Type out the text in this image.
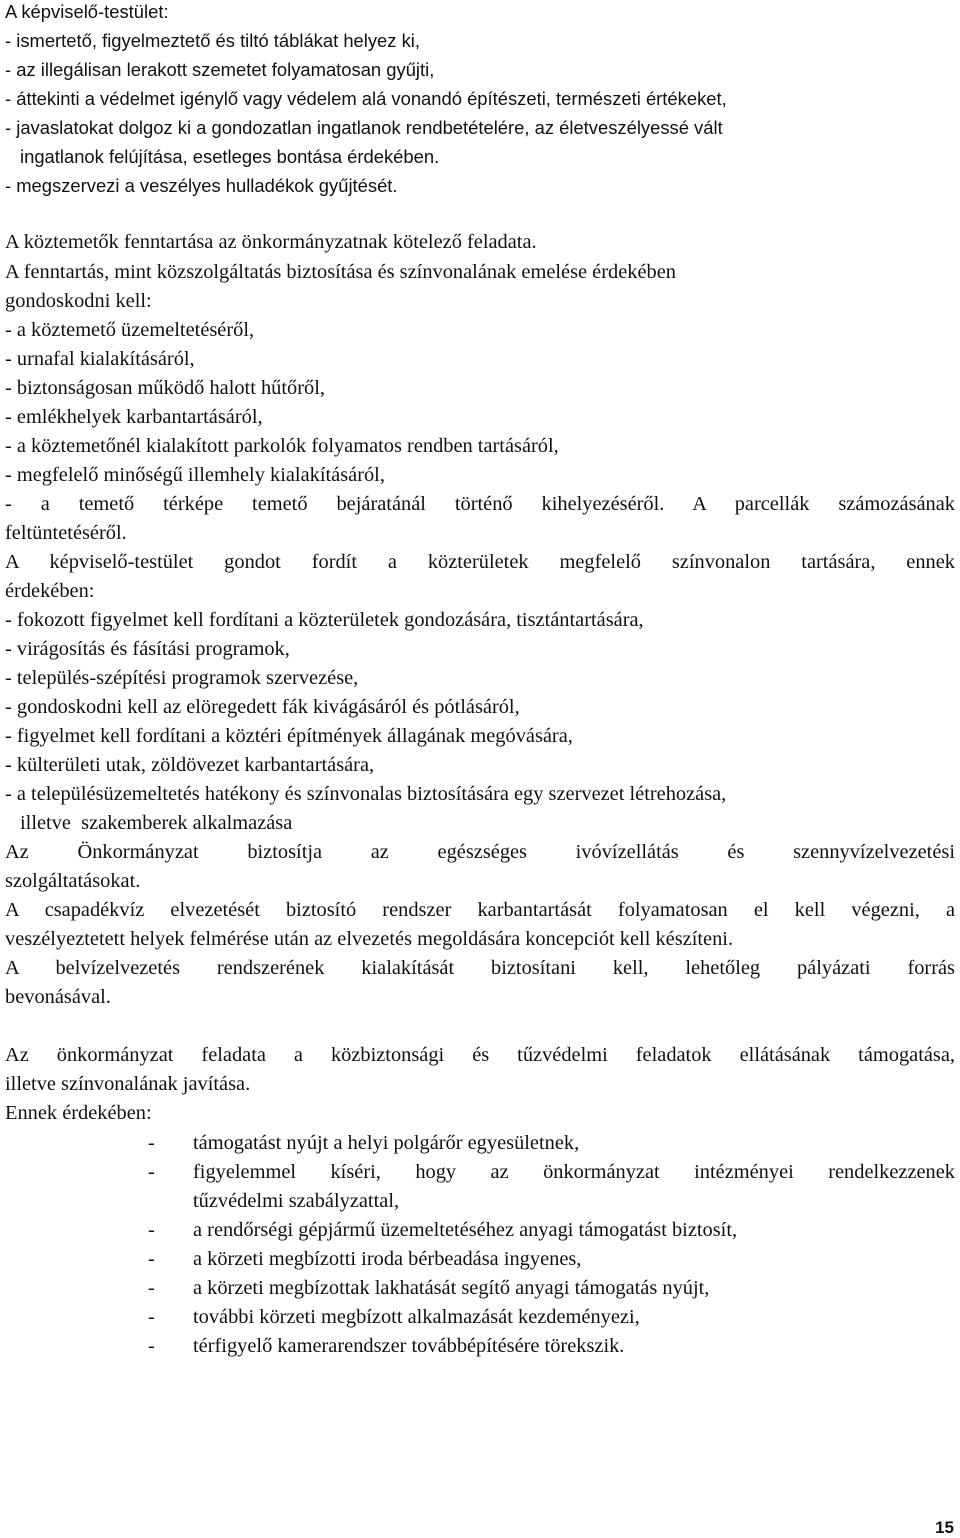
A képviselő-testület:

- ismertető, figyelmeztető és tiltó táblákat helyez ki,

- az illegálisan lerakott szemetet folyamatosan gyűjti,

- áttekinti a védelmet igénylő vagy védelem alá vonandó építészeti, természeti értékeket,

- javaslatokat dolgoz ki a gondozatlan ingatlanok rendbetételére, az életveszélyessé vált

ingatlanok felújítása, esetleges bontása érdekében.

- megszervezi a veszélyes hulladékok gyűjtését.

A köztemetők fenntartása az önkormányzatnak kötelező feladata.

A fenntartás, mint közszolgáltatás biztosítása és színvonalának emelése érdekében

gondoskodni kell:

- a köztemető üzemeltetéséről,

- urnafal kialakításáról,

- biztonságosan működő halott hűtőről,

- emlékhelyek karbantartásáról,

- a köztemetőnél kialakított parkolók folyamatos rendben tartásáról,

- megfelelő minőségű illemhely kialakításáról,

- a temető térképe temető bejáratánál történő kihelyezéséről. A parcellák számozásának

feltüntetéséről.

A képviselő-testület gondot fordít a közterületek megfelelő színvonalon tartására, ennek

érdekében:

- fokozott figyelmet kell fordítani a közterületek gondozására, tisztántartására,

- virágosítás és fásítási programok,

- település-szépítési programok szervezése,

- gondoskodni kell az elöregedett fák kivágásáról és pótlásáról,

- figyelmet kell fordítani a köztéri építmények állagának megóvására,

- külterületi utak, zöldövezet karbantartására,

- a településüzemeltetés hatékony és színvonalas biztosítására egy szervezet létrehozása,

illetve  szakemberek alkalmazása

Az Önkormányzat biztosítja az egészséges ivóvízellátás és szennyvízelvezetési

szolgáltatásokat.

A csapadékvíz elvezetését biztosító rendszer karbantartását folyamatosan el kell végezni, a

veszélyeztetett helyek felmérése után az elvezetés megoldására koncepciót kell készíteni.

A belvízelvezetés rendszerének kialakítását biztosítani kell, lehetőleg pályázati forrás

bevonásával.

Az önkormányzat feladata a közbiztonsági és tűzvédelmi feladatok ellátásának támogatása,

illetve színvonalának javítása.

Ennek érdekében:

- támogatást nyújt a helyi polgárőr egyesületnek,
- figyelemmel kíséri, hogy az önkormányzat intézményei rendelkezzenek
tűzvédelmi szabályzattal,
- a rendőrségi gépjármű üzemeltetéséhez anyagi támogatást biztosít,
- a körzeti megbízotti iroda bérbeadása ingyenes,
- a körzeti megbízottak lakhatását segítő anyagi támogatás nyújt,
- további körzeti megbízott alkalmazását kezdeményezi,
- térfigyelő kamerarendszer továbbépítésére törekszik.
15
